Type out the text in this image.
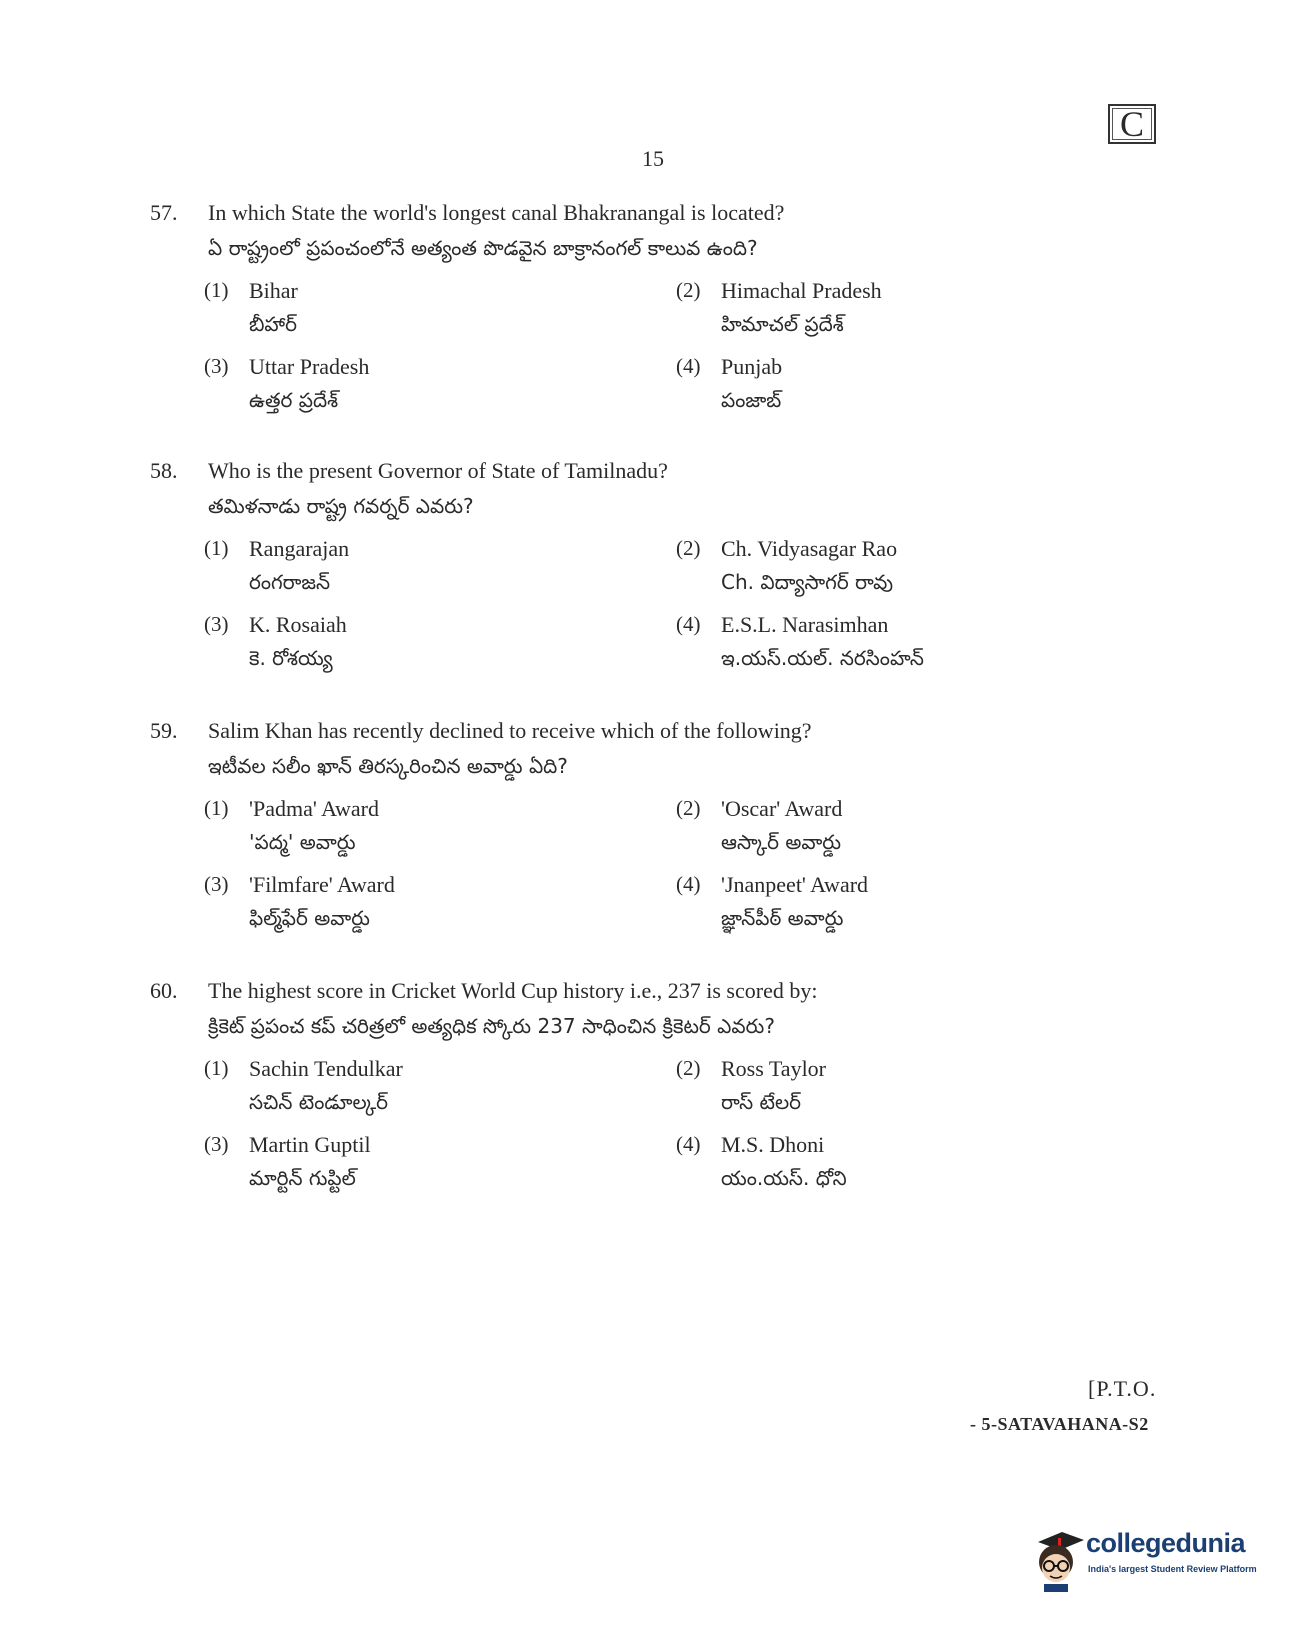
C
15
57. In which State the world's longest canal Bhakranangal is located?
ఏ రాష్ట్రంలో ప్రపంచంలోనే అత్యంత పొడవైన బాక్రానంగల్ కాలువ ఉంది?
(1) Bihar
బీహార్
(2) Himachal Pradesh
హిమాచల్ ప్రదేశ్
(3) Uttar Pradesh
ఉత్తర ప్రదేశ్
(4) Punjab
పంజాబ్
58. Who is the present Governor of State of Tamilnadu?
తమిళనాడు రాష్ట్ర గవర్నర్ ఎవరు?
(1) Rangarajan
రంగరాజన్
(2) Ch. Vidyasagar Rao
Ch. విద్యాసాగర్ రావు
(3) K. Rosaiah
కె. రోశయ్య
(4) E.S.L. Narasimhan
ఇ.యస్.యల్. నరసింహన్
59. Salim Khan has recently declined to receive which of the following?
ఇటీవల సలీం ఖాన్ తిరస్కరించిన అవార్డు ఏది?
(1) 'Padma' Award
'పద్మ' అవార్డు
(2) 'Oscar' Award
ఆస్కార్ అవార్డు
(3) 'Filmfare' Award
ఫిల్మ్‌ఫేర్ అవార్డు
(4) 'Jnanpeet' Award
జ్ఞాన్‌పీఠ్ అవార్డు
60. The highest score in Cricket World Cup history i.e., 237 is scored by:
క్రికెట్ ప్రపంచ కప్ చరిత్రలో అత్యధిక స్కోరు 237 సాధించిన క్రికెటర్ ఎవరు?
(1) Sachin Tendulkar
సచిన్ టెండూల్కర్
(2) Ross Taylor
రాస్ టేలర్
(3) Martin Guptil
మార్టిన్ గుప్టిల్
(4) M.S. Dhoni
యం.యస్. ధోని
[P.T.O.
- 5-SATAVAHANA-S2
collegedunia
India's largest Student Review Platform
